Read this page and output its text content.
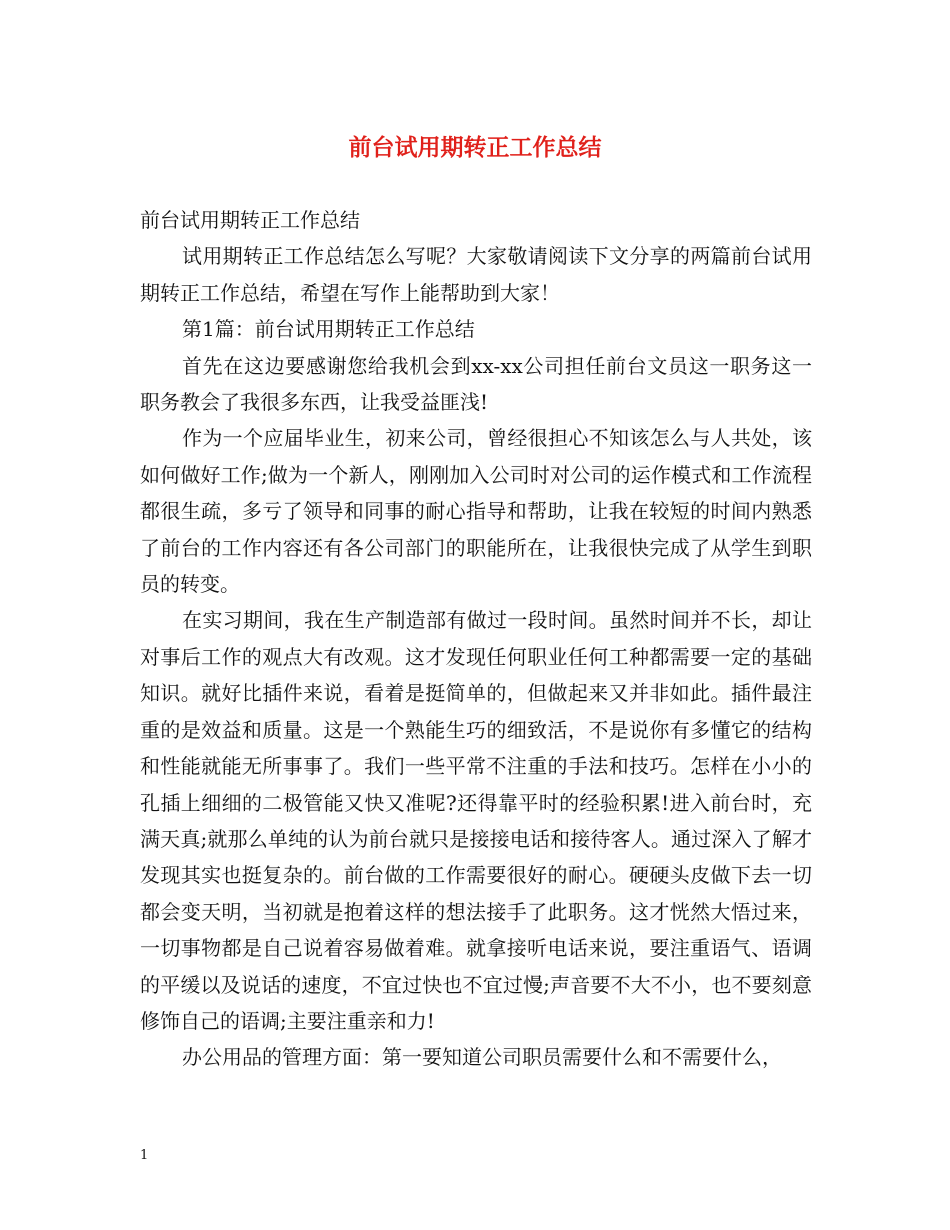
前台试用期转正工作总结

前台试用期转正工作总结

试用期转正工作总结怎么写呢？大家敬请阅读下文分享的两篇前台试用期转正工作总结，希望在写作上能帮助到大家！

第1篇：前台试用期转正工作总结

首先在这边要感谢您给我机会到xx-xx公司担任前台文员这一职务这一职务教会了我很多东西，让我受益匪浅!

作为一个应届毕业生，初来公司，曾经很担心不知该怎么与人共处，该如何做好工作;做为一个新人，刚刚加入公司时对公司的运作模式和工作流程都很生疏，多亏了领导和同事的耐心指导和帮助，让我在较短的时间内熟悉了前台的工作内容还有各公司部门的职能所在，让我很快完成了从学生到职员的转变。

在实习期间，我在生产制造部有做过一段时间。虽然时间并不长，却让对事后工作的观点大有改观。这才发现任何职业任何工种都需要一定的基础知识。就好比插件来说，看着是挺简单的，但做起来又并非如此。插件最注重的是效益和质量。这是一个熟能生巧的细致活，不是说你有多懂它的结构和性能就能无所事事了。我们一些平常不注重的手法和技巧。怎样在小小的孔插上细细的二极管能又快又准呢?还得靠平时的经验积累!进入前台时，充满天真;就那么单纯的认为前台就只是接接电话和接待客人。通过深入了解才发现其实也挺复杂的。前台做的工作需要很好的耐心。硬硬头皮做下去一切都会变天明，当初就是抱着这样的想法接手了此职务。这才恍然大悟过来，一切事物都是自己说着容易做着难。就拿接听电话来说，要注重语气、语调的平缓以及说话的速度，不宜过快也不宜过慢;声音要不大不小，也不要刻意修饰自己的语调;主要注重亲和力!

办公用品的管理方面：第一要知道公司职员需要什么和不需要什么，

1
